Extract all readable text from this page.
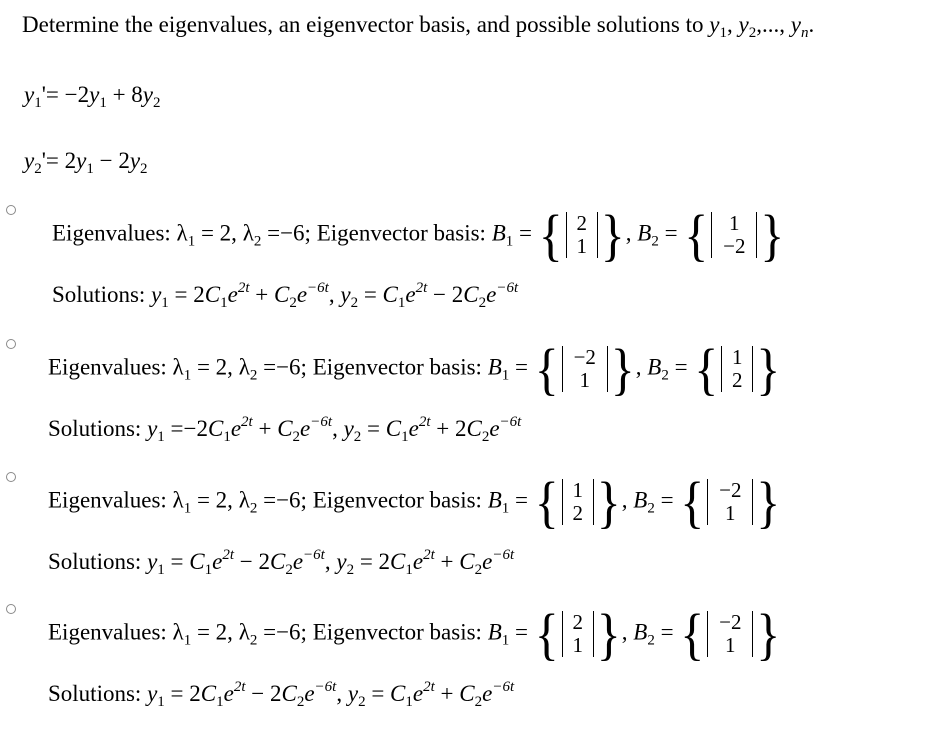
Determine the eigenvalues, an eigenvector basis, and possible solutions to $y_1$, $y_2$,..., $y_n$.
$y_1'= -2y_1 + 8y_2$
$y_2'= 2y_1 - 2y_2$
Eigenvalues: $\lambda_1 = 2$, $\lambda_2 =-6$; Eigenvector basis: $B_1$ = { 2
1 } , $B_2$ = { 1
−2 }
Solutions: $y_1 = 2C_1e^{2t} + C_2e^{-6t}$, $y_2 = C_1e^{2t} - 2C_2e^{-6t}$
Eigenvalues: $\lambda_1 = 2$, $\lambda_2 =-6$; Eigenvector basis: $B_1$ = { −2
1 } , $B_2$ = { 1
2 }
Solutions: $y_1 =-2C_1e^{2t} + C_2e^{-6t}$, $y_2 = C_1e^{2t} + 2C_2e^{-6t}$
Eigenvalues: $\lambda_1 = 2$, $\lambda_2 =-6$; Eigenvector basis: $B_1$ = { 1
2 } , $B_2$ = { −2
1 }
Solutions: $y_1 = C_1e^{2t} - 2C_2e^{-6t}$, $y_2 = 2C_1e^{2t} + C_2e^{-6t}$
Eigenvalues: $\lambda_1 = 2$, $\lambda_2 =-6$; Eigenvector basis: $B_1$ = { 2
1 } , $B_2$ = { −2
1 }
Solutions: $y_1 = 2C_1e^{2t} - 2C_2e^{-6t}$, $y_2 = C_1e^{2t} + C_2e^{-6t}$
